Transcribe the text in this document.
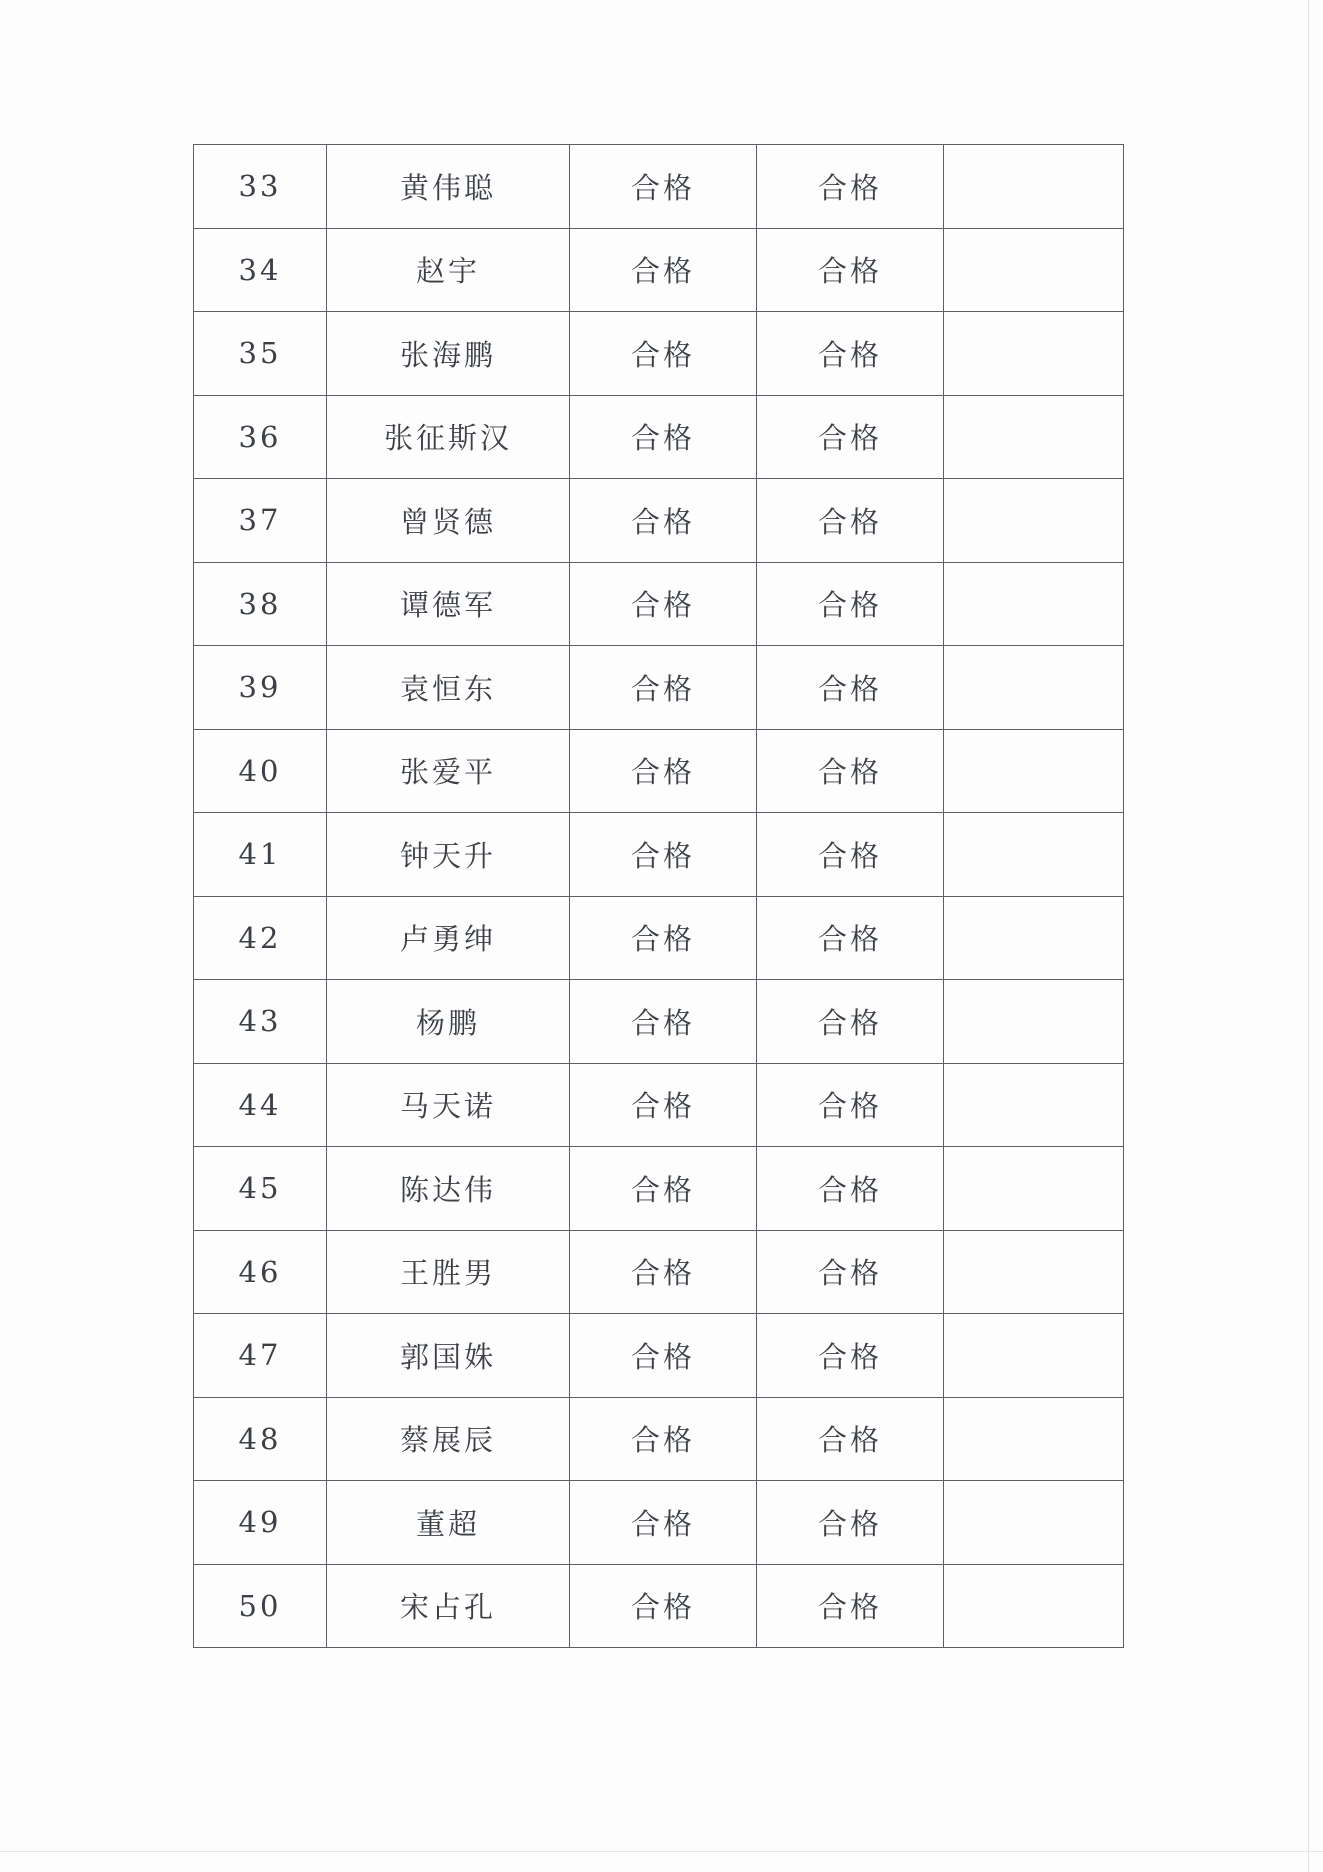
33	黄伟聪	合格	合格	
34	赵宇	合格	合格	
35	张海鹏	合格	合格	
36	张征斯汉	合格	合格	
37	曾贤德	合格	合格	
38	谭德军	合格	合格	
39	袁恒东	合格	合格	
40	张爱平	合格	合格	
41	钟天升	合格	合格	
42	卢勇绅	合格	合格	
43	杨鹏	合格	合格	
44	马天诺	合格	合格	
45	陈达伟	合格	合格	
46	王胜男	合格	合格	
47	郭国姝	合格	合格	
48	蔡展辰	合格	合格	
49	董超	合格	合格	
50	宋占孔	合格	合格	
